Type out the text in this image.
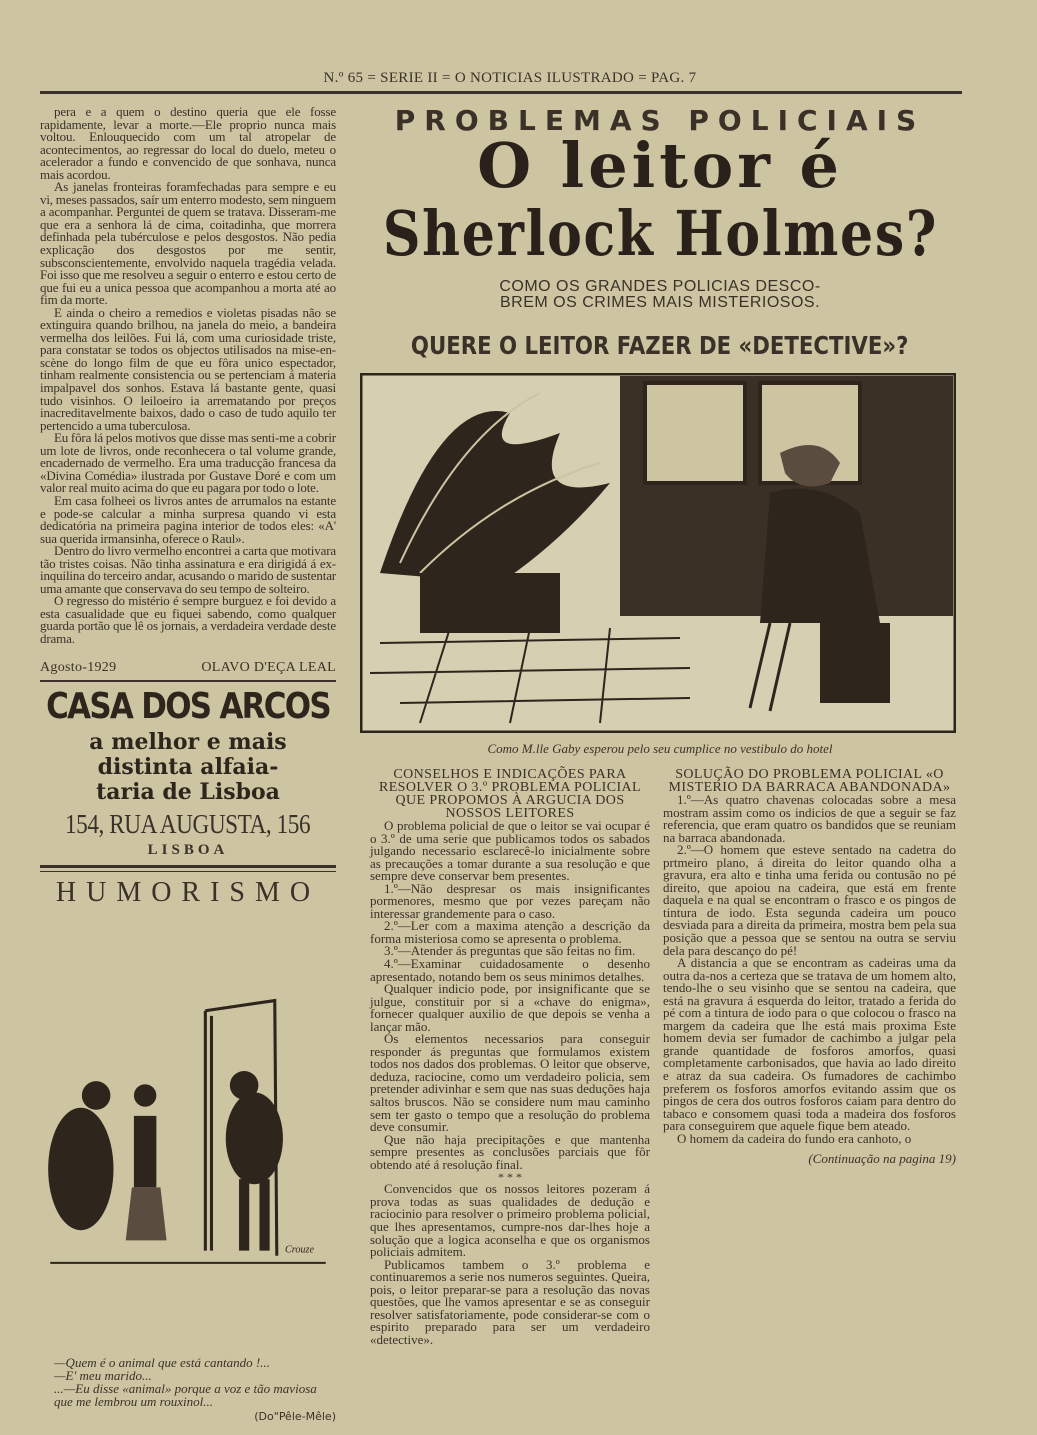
N.º 65 = SERIE II = O NOTICIAS ILUSTRADO = PAG. 7

pera e a quem o destino queria que ele fosse rapidamente, levar a morte.—Ele proprio nunca mais voltou. Enlouquecido com um tal atropelar de acontecimentos, ao regressar do local do duelo, meteu o acelerador a fundo e convencido de que sonhava, nunca mais acordou.

As janelas fronteiras foramfechadas para sempre e eu vi, meses passados, saír um enterro modesto, sem ninguem a acompanhar. Perguntei de quem se tratava. Disseram-me que era a senhora lá de cima, coitadinha, que morrera definhada pela tubérculose e pelos desgostos. Não pedia explicação dos desgostos por me sentir, subsconscientemente, envolvido naquela tragédia velada. Foi isso que me resolveu a seguir o enterro e estou certo de que fui eu a unica pessoa que acompanhou a morta até ao fim da morte.

E ainda o cheiro a remedios e violetas pisadas não se extinguira quando brilhou, na janela do meio, a bandeira vermelha dos leilões. Fui lá, com uma curiosidade triste, para constatar se todos os objectos utilisados na mise-en-scène do longo film de que eu fôra unico espectador, tinham realmente consistencia ou se pertenciam á materia impalpavel dos sonhos. Estava lá bastante gente, quasi tudo visinhos. O leiloeiro ia arrematando por preços inacreditavelmente baixos, dado o caso de tudo aquilo ter pertencido a uma tuberculosa.

Eu fôra lá pelos motivos que disse mas senti-me a cobrir um lote de livros, onde reconhecera o tal volume grande, encadernado de vermelho. Era uma traducção francesa da «Divina Comédia» ilustrada por Gustave Doré e com um valor real muito acima do que eu pagara por todo o lote.

Em casa folheei os livros antes de arrumalos na estante e pode-se calcular a minha surpresa quando vi esta dedicatória na primeira pagina interior de todos eles: «A' sua querida irmansinha, oferece o Raul».

Dentro do livro vermelho encontrei a carta que motivara tão tristes coisas. Não tinha assinatura e era dirigidá á ex-inquilina do terceiro andar, acusando o marido de sustentar uma amante que conservava do seu tempo de solteiro.

O regresso do mistério é sempre burguez e foi devido a esta casualidade que eu fiquei sabendo, como qualquer guarda portão que lê os jornais, a verdadeira verdade deste drama.

Agosto-1929	OLAVO D'EÇA LEAL
CASA DOS ARCOS
a melhor e mais
distinta alfaia-
taria de Lisboa
154, RUA AUGUSTA, 156
LISBOA
HUMORISMO
Crouze
—Quem é o animal que está cantando !...
—E' meu marido...
...—Eu disse «animal» porque a voz e tão maviosa que me lembrou um rouxinol...
(Do"Pêle-Mêle)
PROBLEMAS POLICIAIS
O leitor é
Sherlock Holmes?
COMO OS GRANDES POLICIAS DESCO-
BREM OS CRIMES MAIS MISTERIOSOS.
QUERE O LEITOR FAZER DE «DETECTIVE»?
Como M.lle Gaby esperou pelo seu cumplice no vestibulo do hotel

CONSELHOS E INDICAÇÕES PARA RESOLVER O 3.º PROBLEMA POLICIAL QUE PROPOMOS À ARGUCIA DOS NOSSOS LEITORES

O problema policial de que o leitor se vai ocupar é o 3.º de uma serie que publicamos todos os sabados julgando necessario esclarecê-lo inicialmente sobre as precauções a tomar durante a sua resolução e que sempre deve conservar bem presentes.

1.º—Não despresar os mais insignificantes pormenores, mesmo que por vezes pareçam não interessar grandemente para o caso.

2.º—Ler com a maxima atenção a descrição da forma misteriosa como se apresenta o problema.

3.º—Atender ás preguntas que são feitas no fim.

4.º—Examinar cuidadosamente o desenho apresentado, notando bem os seus minimos detalhes.

Qualquer indicio pode, por insignificante que se julgue, constituir por si a «chave do enigma», fornecer qualquer auxilio de que depois se venha a lançar mão.

Os elementos necessarios para conseguir responder ás preguntas que formulamos existem todos nos dados dos problemas. O leitor que observe, deduza, raciocine, como um verdadeiro policia, sem pretender adivinhar e sem que nas suas deduções haja saltos bruscos. Não se considere num mau caminho sem ter gasto o tempo que a resolução do problema deve consumir.

Que não haja precipitações e que mantenha sempre presentes as conclusões parciais que fôr obtendo até á resolução final.

* * *

Convencidos que os nossos leitores pozeram á prova todas as suas qualidades de dedução e raciocinio para resolver o primeiro problema policial, que lhes apresentamos, cumpre-nos dar-lhes hoje a solução que a logica aconselha e que os organismos policiais admitem.

Publicamos tambem o 3.º problema e continuaremos a serie nos numeros seguintes. Queira, pois, o leitor preparar-se para a resolução das novas questões, que lhe vamos apresentar e se as conseguir resolver satisfatoriamente, pode considerar-se com o espirito preparado para ser um verdadeiro «detective».

SOLUÇÃO DO PROBLEMA POLICIAL «O MISTERIO DA BARRACA ABANDONADA»

1.º—As quatro chavenas colocadas sobre a mesa mostram assim como os indicios de que a seguir se faz referencia, que eram quatro os bandidos que se reuniam na barraca abandonada.

2.º—O homem que esteve sentado na cadetra do prtmeiro plano, á direita do leitor quando olha a gravura, era alto e tinha uma ferida ou contusão no pé direito, que apoiou na cadeira, que está em frente daquela e na qual se encontram o frasco e os pingos de tintura de iodo. Esta segunda cadeira um pouco desviada para a direita da primeira, mostra bem pela sua posição que a pessoa que se sentou na outra se serviu dela para descanço do pé!

A distancia a que se encontram as cadeiras uma da outra da-nos a certeza que se tratava de um homem alto, tendo-lhe o seu visinho que se sentou na cadeira, que está na gravura á esquerda do leitor, tratado a ferida do pé com a tintura de iodo para o que colocou o frasco na margem da cadeira que lhe está mais proxima Este homem devia ser fumador de cachimbo a julgar pela grande quantidade de fosforos amorfos, quasi completamente carbonisados, que havia ao lado direito e atraz da sua cadeira. Os fumadores de cachimbo preferem os fosforos amorfos evitando assim que os pingos de cera dos outros fosforos caiam para dentro do tabaco e consomem quasi toda a madeira dos fosforos para conseguirem que aquele fique bem ateado.

O homem da cadeira do fundo era canhoto, o

(Continuação na pagina 19)
